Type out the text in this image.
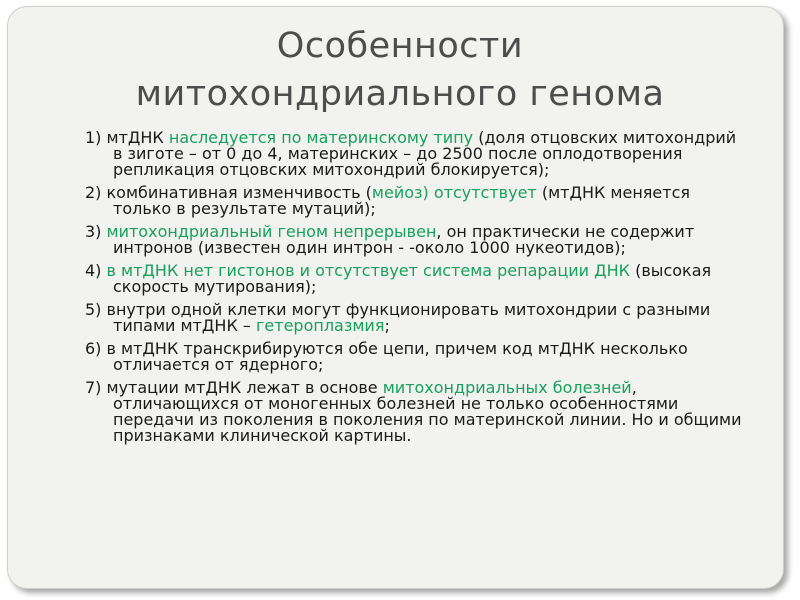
Особенности
митохондриального генома
1) мтДНК наследуется по материнскому типу (доля отцовских митохондрий в зиготе – от 0 до 4, материнских – до 2500 после оплодотворения репликация отцовских митохондрий блокируется);
2) комбинативная изменчивость (мейоз) отсутствует (мтДНК меняется только в результате мутаций);
3) митохондриальный геном непрерывен, он практически не содержит интронов (известен один интрон - -около 1000 нукеотидов);
4) в мтДНК нет гистонов и отсутствует система репарации ДНК (высокая скорость мутирования);
5) внутри одной клетки могут функционировать митохондрии с разными типами мтДНК – гетероплазмия;
6) в мтДНК транскрибируются обе цепи, причем код мтДНК несколько отличается от ядерного;
7) мутации мтДНК лежат в основе митохондриальных болезней, отличающихся от моногенных болезней не только особенностями передачи из поколения в поколения по материнской линии. Но и общими признаками клинической картины.
